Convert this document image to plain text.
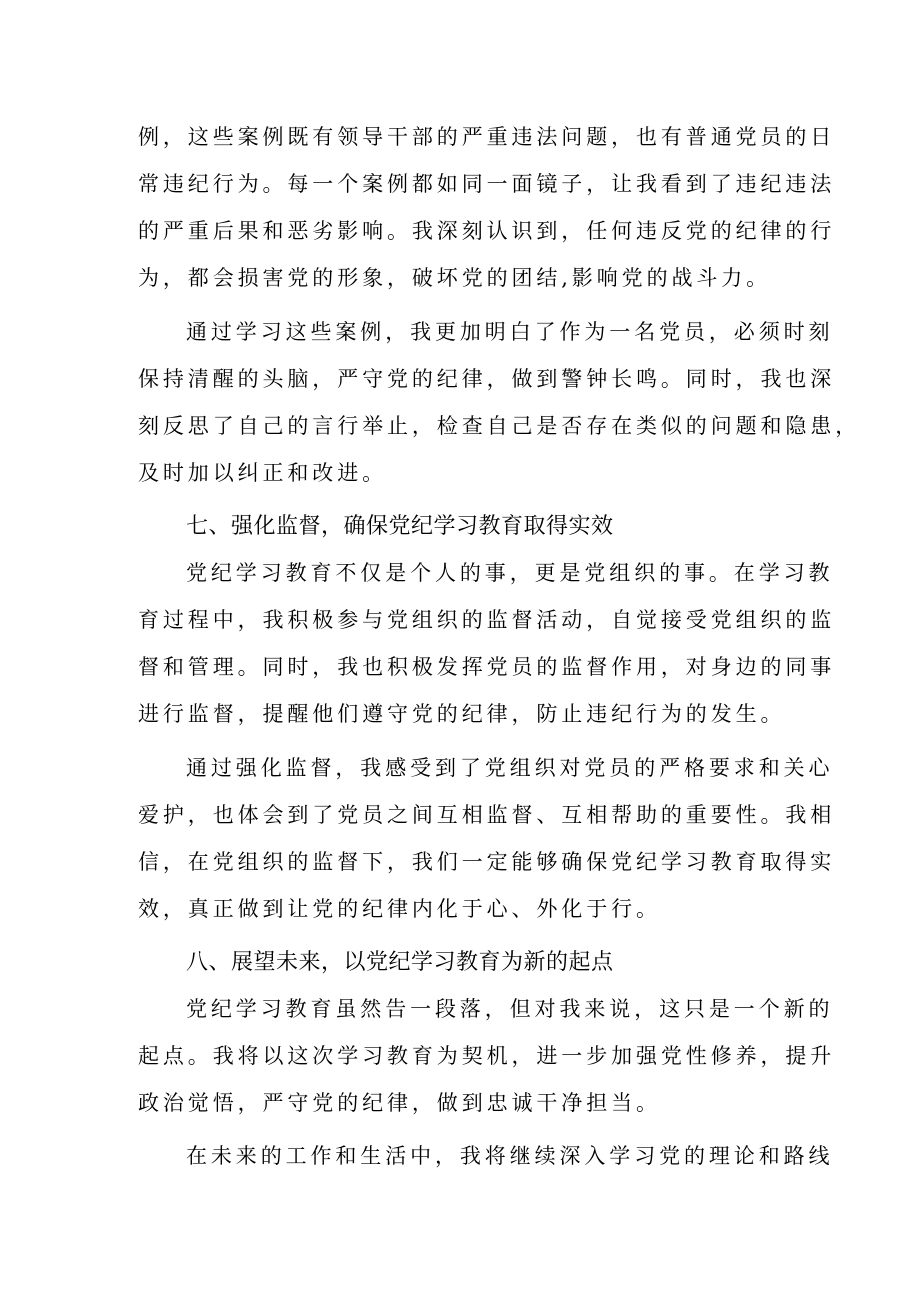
例，这些案例既有领导干部的严重违法问题，也有普通党员的日
常违纪行为。每一个案例都如同一面镜子，让我看到了违纪违法
的严重后果和恶劣影响。我深刻认识到，任何违反党的纪律的行
为，都会损害党的形象，破坏党的团结,影响党的战斗力。
通过学习这些案例，我更加明白了作为一名党员，必须时刻
保持清醒的头脑，严守党的纪律，做到警钟长鸣。同时，我也深
刻反思了自己的言行举止，检查自己是否存在类似的问题和隐患，
及时加以纠正和改进。
七、强化监督，确保党纪学习教育取得实效
党纪学习教育不仅是个人的事，更是党组织的事。在学习教
育过程中，我积极参与党组织的监督活动，自觉接受党组织的监
督和管理。同时，我也积极发挥党员的监督作用，对身边的同事
进行监督，提醒他们遵守党的纪律，防止违纪行为的发生。
通过强化监督，我感受到了党组织对党员的严格要求和关心
爱护，也体会到了党员之间互相监督、互相帮助的重要性。我相
信，在党组织的监督下，我们一定能够确保党纪学习教育取得实
效，真正做到让党的纪律内化于心、外化于行。
八、展望未来，以党纪学习教育为新的起点
党纪学习教育虽然告一段落，但对我来说，这只是一个新的
起点。我将以这次学习教育为契机，进一步加强党性修养，提升
政治觉悟，严守党的纪律，做到忠诚干净担当。
在未来的工作和生活中，我将继续深入学习党的理论和路线
